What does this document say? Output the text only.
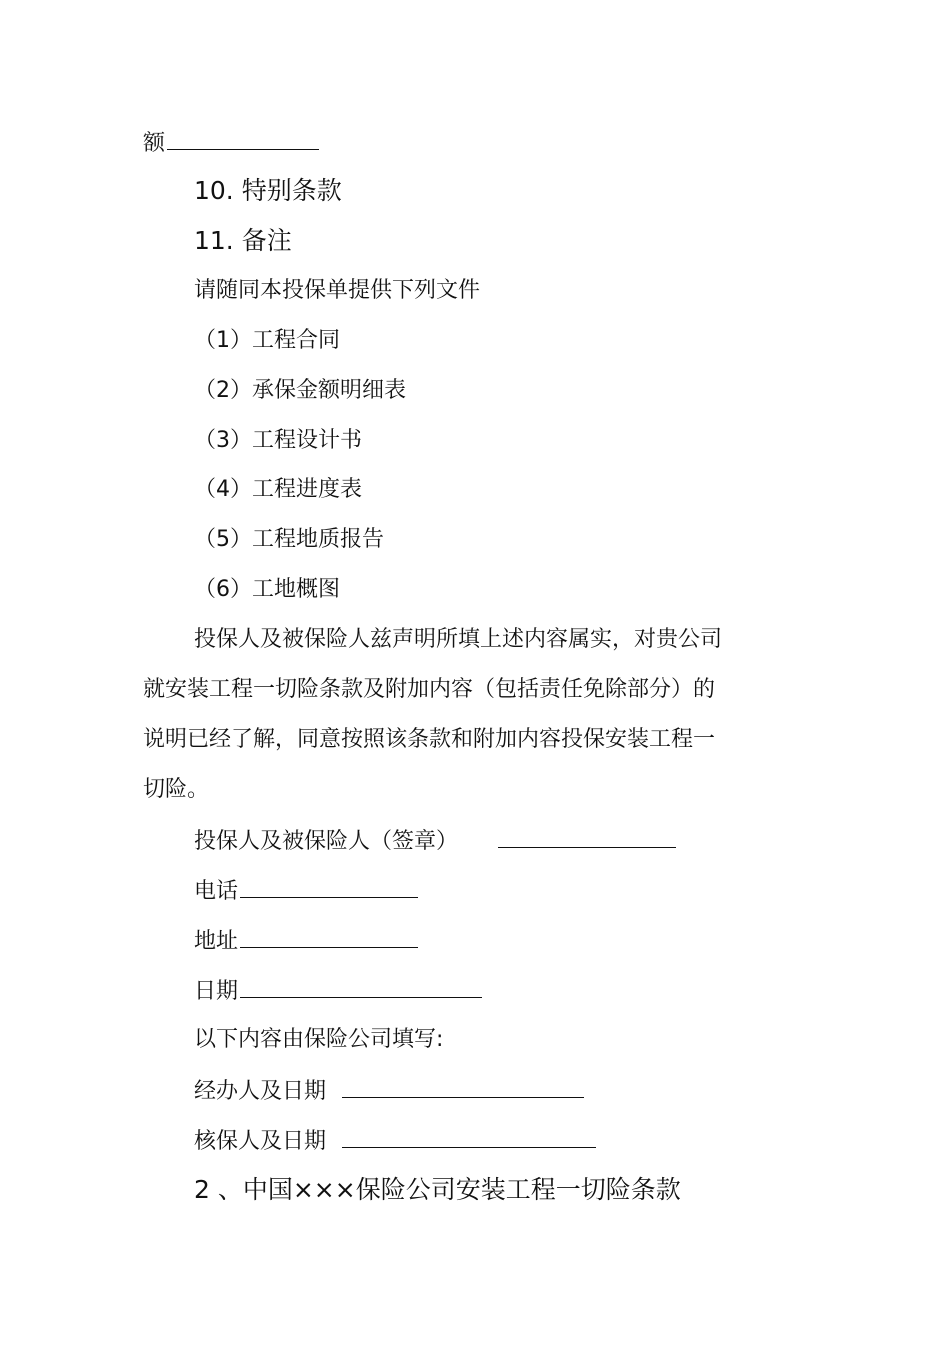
额
10. 特别条款
11. 备注
请随同本投保单提供下列文件
（1）工程合同
（2）承保金额明细表
（3）工程设计书
（4）工程进度表
（5）工程地质报告
（6）工地概图
投保人及被保险人兹声明所填上述内容属实，对贵公司
就安装工程一切险条款及附加内容（包括责任免除部分）的
说明已经了解，同意按照该条款和附加内容投保安装工程一
切险。
投保人及被保险人（签章）
电话
地址
日期
以下内容由保险公司填写:
经办人及日期
核保人及日期
2 、中国×××保险公司安装工程一切险条款
